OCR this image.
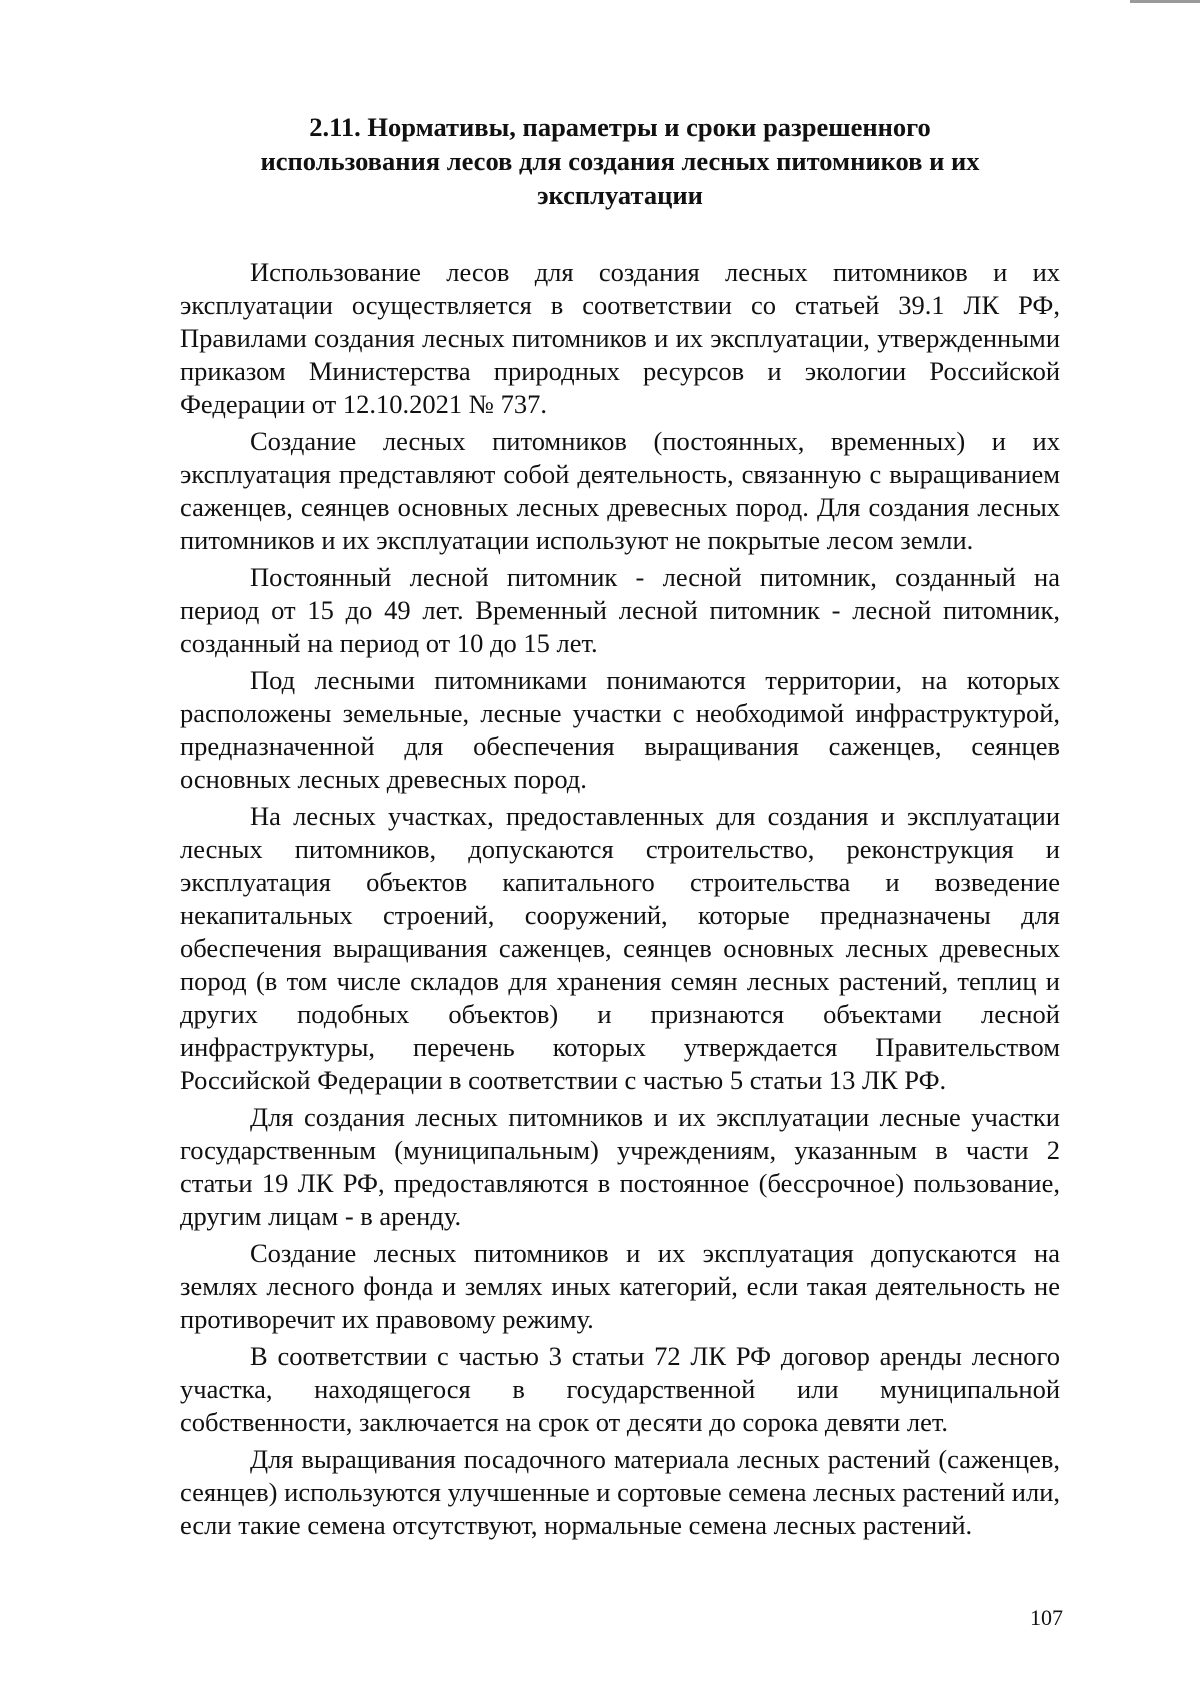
2.11. Нормативы, параметры и сроки разрешенного
использования лесов для создания лесных питомников и их
эксплуатации

Использование лесов для создания лесных питомников и их эксплуатации осуществляется в соответствии со статьей 39.1 ЛК РФ, Правилами создания лесных питомников и их эксплуатации, утвержденными приказом Министерства природных ресурсов и экологии Российской Федерации от 12.10.2021 № 737.

Создание лесных питомников (постоянных, временных) и их эксплуатация представляют собой деятельность, связанную с выращиванием саженцев, сеянцев основных лесных древесных пород. Для создания лесных питомников и их эксплуатации используют не покрытые лесом земли.

Постоянный лесной питомник - лесной питомник, созданный на период от 15 до 49 лет. Временный лесной питомник - лесной питомник, созданный на период от 10 до 15 лет.

Под лесными питомниками понимаются территории, на которых расположены земельные, лесные участки с необходимой инфраструктурой, предназначенной для обеспечения выращивания саженцев, сеянцев основных лесных древесных пород.

На лесных участках, предоставленных для создания и эксплуатации лесных питомников, допускаются строительство, реконструкция и эксплуатация объектов капитального строительства и возведение некапитальных строений, сооружений, которые предназначены для обеспечения выращивания саженцев, сеянцев основных лесных древесных пород (в том числе складов для хранения семян лесных растений, теплиц и других подобных объектов) и признаются объектами лесной инфраструктуры, перечень которых утверждается Правительством Российской Федерации в соответствии с частью 5 статьи 13 ЛК РФ.

Для создания лесных питомников и их эксплуатации лесные участки государственным (муниципальным) учреждениям, указанным в части 2 статьи 19 ЛК РФ, предоставляются в постоянное (бессрочное) пользование, другим лицам - в аренду.

Создание лесных питомников и их эксплуатация допускаются на землях лесного фонда и землях иных категорий, если такая деятельность не противоречит их правовому режиму.

В соответствии с частью 3 статьи 72 ЛК РФ договор аренды лесного участка, находящегося в государственной или муниципальной собственности, заключается на срок от десяти до сорока девяти лет.

Для выращивания посадочного материала лесных растений (саженцев, сеянцев) используются улучшенные и сортовые семена лесных растений или, если такие семена отсутствуют, нормальные семена лесных растений.

107
